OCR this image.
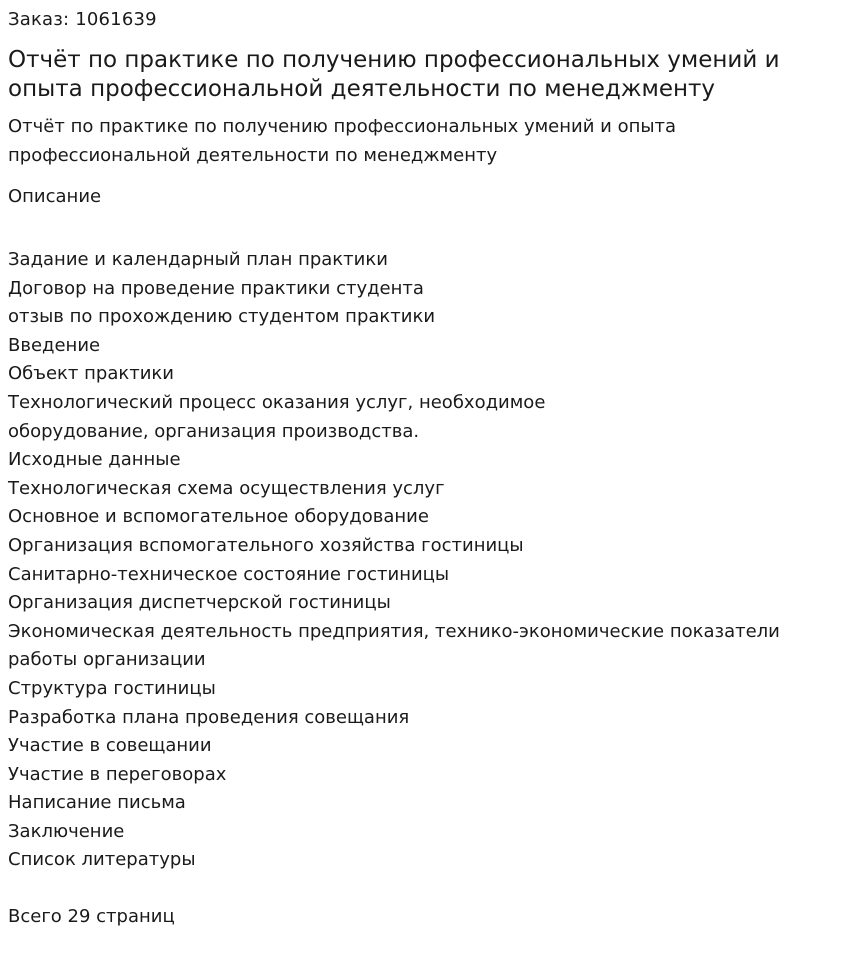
Заказ: 1061639

Отчёт по практике по получению профессиональных умений и опыта профессиональной деятельности по менеджменту

Отчёт по практике по получению профессиональных умений и опыта профессиональной деятельности по менеджменту

Описание
Задание и календарный план практики
Договор на проведение практики студента
отзыв по прохождению студентом практики
Введение
Объект практики
Технологический процесс оказания услуг, необходимое оборудование, организация производства.
Исходные данные
Технологическая схема осуществления услуг
Основное и вспомогательное оборудование
Организация вспомогательного хозяйства гостиницы
Санитарно-техническое состояние гостиницы
Организация диспетчерской гостиницы
Экономическая деятельность предприятия, технико-экономические показатели работы организации
Структура гостиницы
Разработка плана проведения совещания
Участие в совещании
Участие в переговорах
Написание письма
Заключение
Список литературы

Всего 29 страниц
